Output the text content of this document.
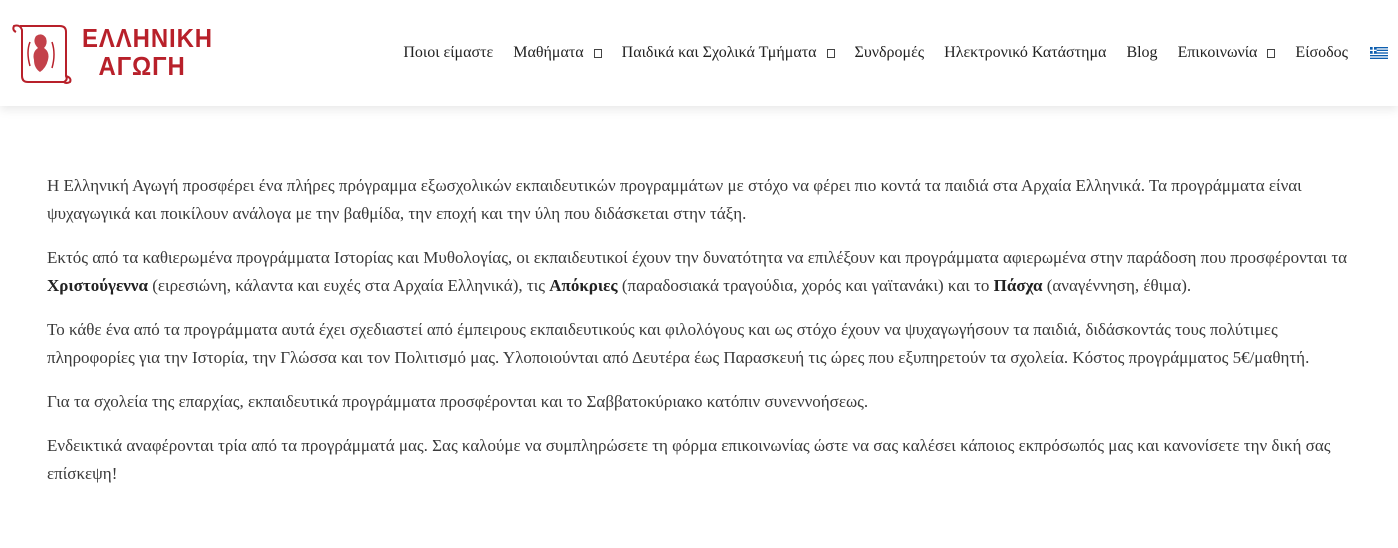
ΕΛΛΗΝΙΚΗ
ΑΓΩΓΗ	Ποιοι είμαστε Μαθήματα Παιδικά και Σχολικά Τμήματα Συνδρομές Ηλεκτρονικό Κατάστημα Blog Επικοινωνία Είσοδος

Η Ελληνική Αγωγή προσφέρει ένα πλήρες πρόγραμμα εξωσχολικών εκπαιδευτικών προγραμμάτων με στόχο να φέρει πιο κοντά τα παιδιά στα Αρχαία Ελληνικά. Τα προγράμματα είναι ψυχαγωγικά και ποικίλουν ανάλογα με την βαθμίδα, την εποχή και την ύλη που διδάσκεται στην τάξη.

Εκτός από τα καθιερωμένα προγράμματα Ιστορίας και Μυθολογίας, οι εκπαιδευτικοί έχουν την δυνατότητα να επιλέξουν και προγράμματα αφιερωμένα στην παράδοση που προσφέρονται τα Χριστούγεννα (ειρεσιώνη, κάλαντα και ευχές στα Αρχαία Ελληνικά), τις Απόκριες (παραδοσιακά τραγούδια, χορός και γαϊτανάκι) και το Πάσχα (αναγέννηση, έθιμα).

Το κάθε ένα από τα προγράμματα αυτά έχει σχεδιαστεί από έμπειρους εκπαιδευτικούς και φιλολόγους και ως στόχο έχουν να ψυχαγωγήσουν τα παιδιά, διδάσκοντάς τους πολύτιμες πληροφορίες για την Ιστορία, την Γλώσσα και τον Πολιτισμό μας. Υλοποιούνται από Δευτέρα έως Παρασκευή τις ώρες που εξυπηρετούν τα σχολεία. Κόστος προγράμματος 5€/μαθητή.

Για τα σχολεία της επαρχίας, εκπαιδευτικά προγράμματα προσφέρονται και το Σαββατοκύριακο κατόπιν συνεννοήσεως.

Ενδεικτικά αναφέρονται τρία από τα προγράμματά μας. Σας καλούμε να συμπληρώσετε τη φόρμα επικοινωνίας ώστε να σας καλέσει κάποιος εκπρόσωπός μας και κανονίσετε την δική σας επίσκεψη!
